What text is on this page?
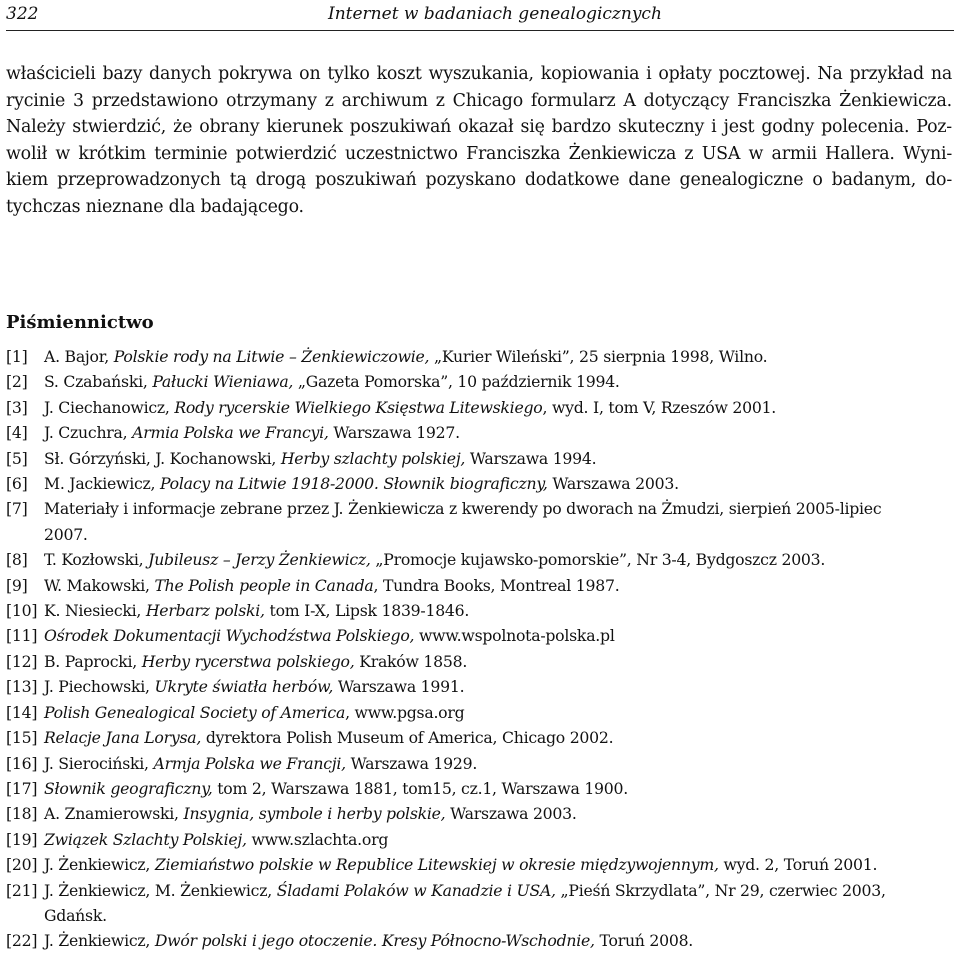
322	Internet w badaniach genealogicznych
właścicieli bazy danych pokrywa on tylko koszt wyszukania, kopiowania i opłaty pocztowej. Na przykład na
rycinie 3 przedstawiono otrzymany z archiwum z Chicago formularz A dotyczący Franciszka Żenkiewicza.
Należy stwierdzić, że obrany kierunek poszukiwań okazał się bardzo skuteczny i jest godny polecenia. Poz-
wolił w krótkim terminie potwierdzić uczestnictwo Franciszka Żenkiewicza z USA w armii Hallera. Wyni-
kiem przeprowadzonych tą drogą poszukiwań pozyskano dodatkowe dane genealogiczne o badanym, do-
tychczas nieznane dla badającego.
Piśmiennictwo
[1] A. Bajor, Polskie rody na Litwie – Żenkiewiczowie, „Kurier Wileński”, 25 sierpnia 1998, Wilno.
[2] S. Czabański, Pałucki Wieniawa, „Gazeta Pomorska”, 10 październik 1994.
[3] J. Ciechanowicz, Rody rycerskie Wielkiego Księstwa Litewskiego, wyd. I, tom V, Rzeszów 2001.
[4] J. Czuchra, Armia Polska we Francyi, Warszawa 1927.
[5] Sł. Górzyński, J. Kochanowski, Herby szlachty polskiej, Warszawa 1994.
[6] M. Jackiewicz, Polacy na Litwie 1918-2000. Słownik biograficzny, Warszawa 2003.
[7] Materiały i informacje zebrane przez J. Żenkiewicza z kwerendy po dworach na Żmudzi, sierpień 2005-lipiec
2007.
[8] T. Kozłowski, Jubileusz – Jerzy Żenkiewicz, „Promocje kujawsko-pomorskie”, Nr 3-4, Bydgoszcz 2003.
[9] W. Makowski, The Polish people in Canada, Tundra Books, Montreal 1987.
[10] K. Niesiecki, Herbarz polski, tom I-X, Lipsk 1839-1846.
[11] Ośrodek Dokumentacji Wychodźstwa Polskiego, www.wspolnota-polska.pl
[12] B. Paprocki, Herby rycerstwa polskiego, Kraków 1858.
[13] J. Piechowski, Ukryte światła herbów, Warszawa 1991.
[14] Polish Genealogical Society of America, www.pgsa.org
[15] Relacje Jana Lorysa, dyrektora Polish Museum of America, Chicago 2002.
[16] J. Sierociński, Armja Polska we Francji, Warszawa 1929.
[17] Słownik geograficzny, tom 2, Warszawa 1881, tom15, cz.1, Warszawa 1900.
[18] A. Znamierowski, Insygnia, symbole i herby polskie, Warszawa 2003.
[19] Związek Szlachty Polskiej, www.szlachta.org
[20] J. Żenkiewicz, Ziemiaństwo polskie w Republice Litewskiej w okresie międzywojennym, wyd. 2, Toruń 2001.
[21] J. Żenkiewicz, M. Żenkiewicz, Śladami Polaków w Kanadzie i USA, „Pieśń Skrzydlata”, Nr 29, czerwiec 2003,
Gdańsk.
[22] J. Żenkiewicz, Dwór polski i jego otoczenie. Kresy Północno-Wschodnie, Toruń 2008.
